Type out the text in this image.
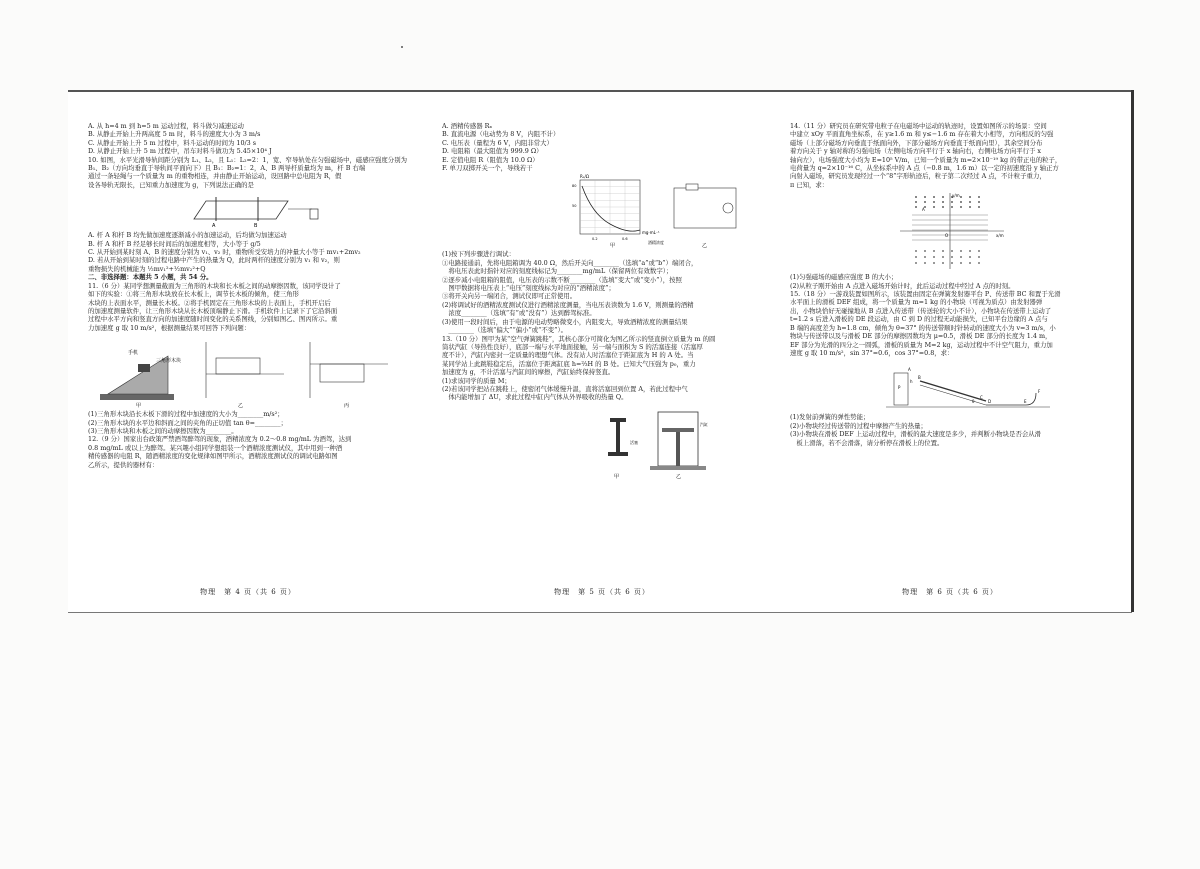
A. 从 h=4 m 到 h=5 m 运动过程，料斗做匀减速运动

B. 从静止开始上升两高度 5 m 时，料斗的速度大小为 3 m/s

C. 从静止开始上升 5 m 过程中，料斗运动的时间为 10/3 s

D. 从静止开始上升 5 m 过程中，吊车对料斗做功为 5.45×10⁴ J

10. 如图，水平光滑导轨间距分别为 L₁、L₂，且 L₁：L₂=2：1，宽、窄导轨处在匀强磁场中，磁感应强度分别为

B₁、B₂（方向均垂直于导轨间平面向下）且 B₁：B₂=1：2，A、B 两导杆质量均为 m，杆 B 右端

通过一条轻绳与一个质量为 m 的重物相连，并由静止开始运动，设回路中总电阻为 R，假

设各导轨无限长，已知重力加速度为 g，下列说法正确的是

A	B

A. 杆 A 和杆 B 均先做加速度逐渐减小的加速运动，后均做匀加速运动

B. 杆 A 和杆 B 经足够长时间后的加速度相等，大小等于 g/5

C. 从开始到某时刻 A、B 的速度分别为 v₁、v₂ 时，重物所受安培力的冲量大小等于 mv₁+2mv₂

D. 若从开始到某时刻的过程电路中产生的热量为 Q，此时两杆的速度分别为 v₁ 和 v₂，则

重物损失的机械能为 ½mv₁²+½mv₂²+Q

二、非选择题：本题共 5 小题，共 54 分。

11.（6 分）某同学想测量截面为三角形的木块和长木板之间的动摩擦因数，该同学设计了

如下的实验：①将三角形木块放在长木板上，调节长木板的倾角，使三角形

木块的上表面水平，测量长木板。②将手机固定在三角形木块的上表面上，手机开启后

的加速度测量软件，让三角形木块从长木板顶端静止下滑。手机软件上记录下了它沿斜面

过程中水平方向和竖直方向的加速度随时间变化的关系图线，分别如图乙、图丙所示。重

力加速度 g 取 10 m/s²，根据测量结果可回答下列问题：

手机
三角形木块
甲	乙	丙

(1)三角形木块沿长木板下滑的过程中加速度的大小为________m/s²；

(2)三角形木块的水平边和斜面之间的夹角的正切值 tan θ=________；

(3)三角形木块和木板之间的动摩擦因数为________。

12.（9 分）国家出台政策严禁酒驾醉驾的现象，酒精浓度为 0.2～0.8 mg/mL 为酒驾，达到

0.8 mg/mL 或以上为醉驾。某兴趣小组同学想组装一个酒精浓度测试仪，其中用到一种酒

精传感器的电阻 R，随酒精浓度的变化规律如图甲所示，酒精浓度测试仪的调试电路如图

乙所示，提供的器材有：

物理　第 4 页（共 6 页）

A. 酒精传感器 Rₓ

B. 直流电源（电动势为 8 V，内阻不计）

C. 电压表（量程为 6 V，内阻非常大）

D. 电阻箱（最大阻值为 999.9 Ω）

E. 定值电阻 R（阻值为 10.0 Ω）

F. 单刀双掷开关一个，导线若干

Rₓ/Ω
mg·mL⁻¹
80
50
0.2	0.6
甲	乙
酒精浓度

(1)按下列步骤进行调试：

①电路接通前，先将电阻箱调为 40.0 Ω，然后开关向________（选填“a”或“b”）端闭合，

　将电压表此时指针对应的刻度线标记为________mg/mL（保留两位有效数字）；

②逐步减小电阻箱的阻值，电压表的示数不断________（选填“变大”或“变小”），按照

　图甲数据将电压表上“电压”刻度线标为对应的“酒精浓度”；

③将开关向另一端闭合，测试仪即可正常使用。

(2)将调试好的酒精浓度测试仪进行酒精浓度测量，当电压表读数为 1.6 V，则测量的酒精

　浓度________（选填“有”或“没有”）达到醉驾标准。

(3)使用一段时间后，由于电源的电动势略微变小，内阻变大，导致酒精浓度的测量结果

　________（选填“偏大”“偏小”或“不变”）。

13.（10 分）图甲为某“空气弹簧跳鞋”，其核心部分可简化为图乙所示的竖直倒立质量为 m 的圆

筒状汽缸（导热性良好），底部一端与水平地面接触，另一端与面积为 S 的活塞连接（活塞厚

度不计），汽缸内密封一定质量的理想气体。没有站人时活塞位于距缸底为 H 的 A 处。当

某同学站上此跳鞋稳定后，活塞位于距离缸底 h=⅔H 的 B 处。已知大气压强为 p₀，重力

加速度为 g，不计活塞与汽缸间的摩擦，汽缸始终保持竖直。

(1)求该同学的质量 M；

(2)若该同学把站在跳鞋上，使密闭气体缓慢升温，直将活塞回到位置 A，若此过程中气

　体内能增加了 ΔU，求此过程中缸内气体从外界吸收的热量 Q。

活塞
甲
汽缸
乙
物理　第 5 页（共 6 页）

14.（11 分）研究员在研究带电粒子在电磁场中运动的轨迹时，设置如图所示的场景：空间

中建立 xOy 平面直角坐标系，在 y≥1.6 m 和 y≤−1.6 m 存在着大小相等，方向相反的匀强

磁场（上部分磁场方向垂直于纸面向外，下部分磁场方向垂直于纸面向里），其余空间分布

着方向关于 y 轴对称的匀强电场（左侧电场方向平行于 x 轴向右，右侧电场方向平行于 x

轴向左），电场强度大小均为 E=10⁵ V/m，已知一个质量为 m=2×10⁻¹⁹ kg 的带正电的粒子，

电荷量为 q=2×10⁻¹⁶ C，从坐标系中的 A 点（−0.8 m，1.6 m）以一定的初速度沿 y 轴正方

向射入磁场，研究员发现经过一个“8”字形轨迹后，粒子第二次经过 A 点，不计粒子重力，

π 已知，求：

y/m
x/m
A
O

(1)匀强磁场的磁感应强度 B 的大小；

(2)从粒子刚开始由 A 点进入磁场开始计时，此后运动过程中经过 A 点的时刻。

15.（18 分）一游戏装置如图所示，该装置由固定在弹簧发射器平台 P、传送带 BC 和置于光滑

水平面上的滑板 DEF 组成，将一个质量为 m=1 kg 的小物块（可视为质点）由发射器弹

出，小物块恰好无碰撞地从 B 点进入传送带（传送轮的大小不计），小物块在传送带上运动了

t=1.2 s 后进入滑板的 DE 段运动，由 C 到 D 的过程无动能损失，已知平台边缘的 A 点与

B 端的高度差为 h=1.8 cm，倾角为 θ=37° 的传送带顺时针转动的速度大小为 v=3 m/s，小

物块与传送带以及与滑板 DE 部分的摩擦因数均为 μ=0.5，滑板 DE 部分的长度为 1.4 m，

EF 部分为光滑的四分之一圆弧，滑板的质量为 M=2 kg，运动过程中不计空气阻力，重力加

速度 g 取 10 m/s²，sin 37°=0.6，cos 37°=0.8，求：

A
B
C
D	E
F
P
θ
h

(1)发射前弹簧的弹性势能；

(2)小物块经过传送带的过程中摩擦产生的热量；

(3)小物块在滑板 DEF 上运动过程中，滑板的最大速度是多少，并判断小物块是否会从滑

　板上滑落，若不会滑落，请分析停在滑板上的位置。

物理　第 6 页（共 6 页）
